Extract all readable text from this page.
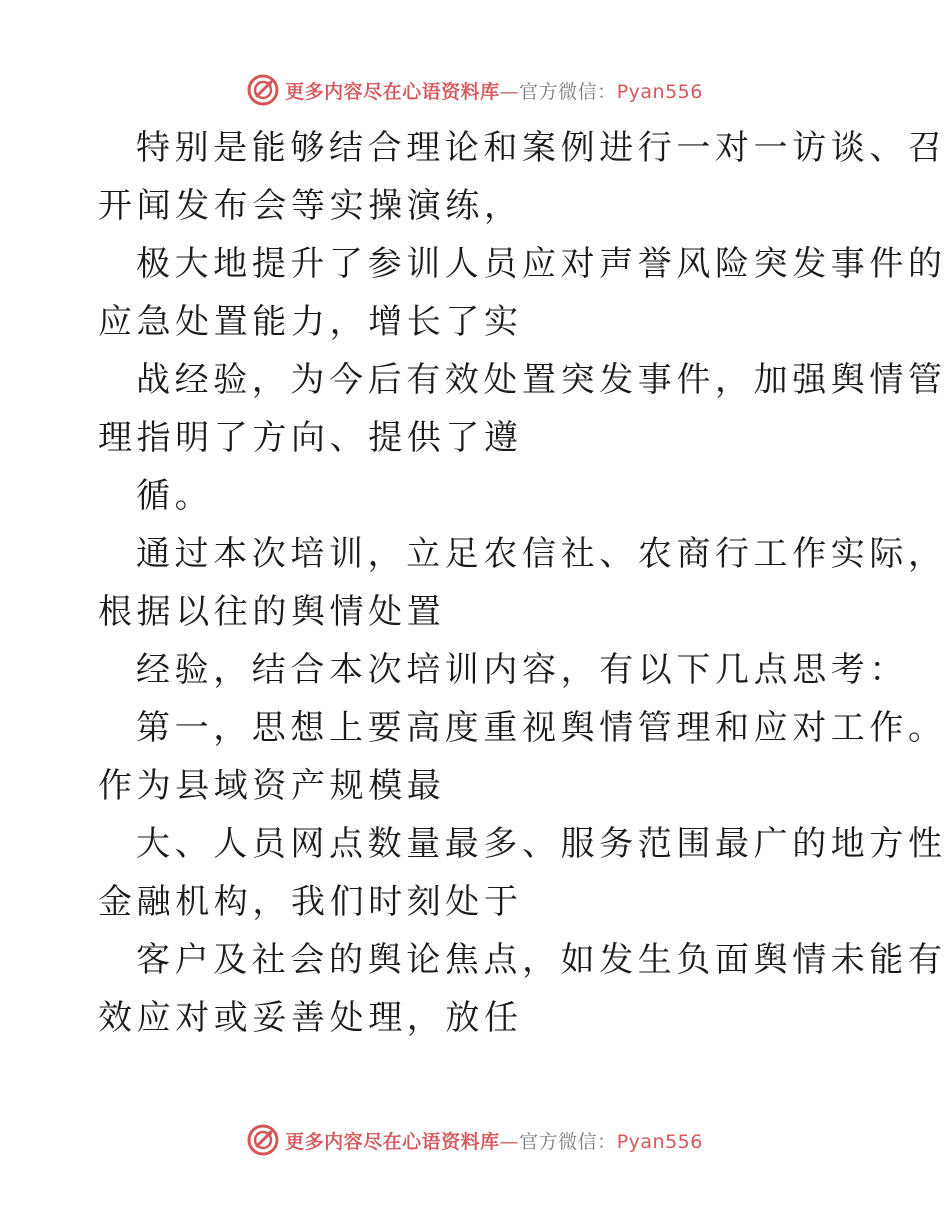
更多内容尽在心语资料库—官方微信：Pyan556
特别是能够结合理论和案例进行一对一访谈、召
开闻发布会等实操演练，
极大地提升了参训人员应对声誉风险突发事件的
应急处置能力，增长了实
战经验，为今后有效处置突发事件，加强舆情管
理指明了方向、提供了遵
循。
通过本次培训，立足农信社、农商行工作实际，
根据以往的舆情处置
经验，结合本次培训内容，有以下几点思考：
第一，思想上要高度重视舆情管理和应对工作。
作为县域资产规模最
大、人员网点数量最多、服务范围最广的地方性
金融机构，我们时刻处于
客户及社会的舆论焦点，如发生负面舆情未能有
效应对或妥善处理，放任
更多内容尽在心语资料库—官方微信：Pyan556
